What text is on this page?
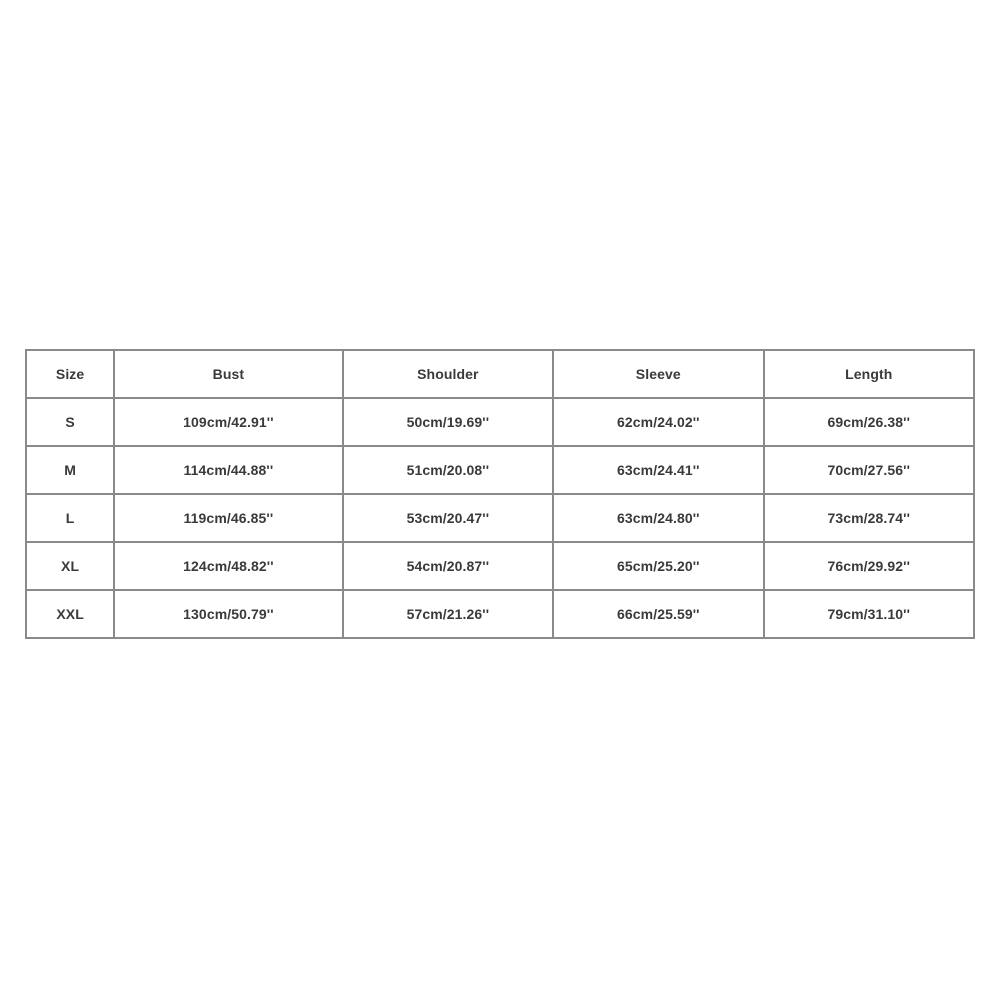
Size	Bust	Shoulder	Sleeve	Length
S	109cm/42.91''	50cm/19.69''	62cm/24.02''	69cm/26.38''
M	114cm/44.88''	51cm/20.08''	63cm/24.41''	70cm/27.56''
L	119cm/46.85''	53cm/20.47''	63cm/24.80''	73cm/28.74''
XL	124cm/48.82''	54cm/20.87''	65cm/25.20''	76cm/29.92''
XXL	130cm/50.79''	57cm/21.26''	66cm/25.59''	79cm/31.10''
